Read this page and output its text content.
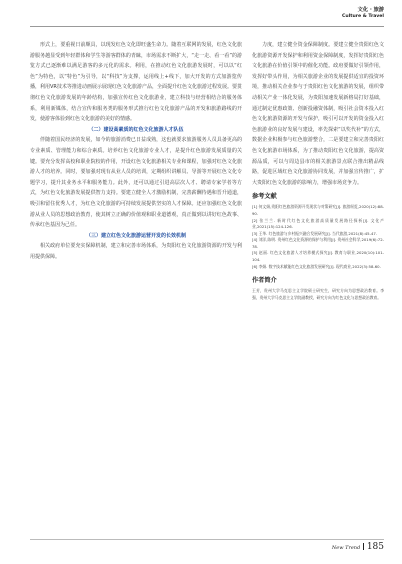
文化 · 旅游
Culture & Travel

形式上，要重视日前颇具，以现发红色文化即旺盛生命力。随着互联网的发展，红色文化旅游服务越显受到年轻群体和学生等游客群体的青睐，市场需求不断扩大，“走一走、看一看”的游览方式已逐渐难以满足游客的多元化的需求。利用，在推动红色文化旅游发展时，可以以“红色”为特色，以“特色”为引导，以“科技”为支撑，运用线上+线下，加大开发的方式加游览传播，利用VR技术等推进动画展示展现红色文化旅游产品，全面提升红色文化旅游过程发展。要贯彻红色文化旅游发展的年龄结构，加强宣传红色文化旅游业，建立科技与经营相结合的服务体系，利用新媒体，结合宣传和服务类的服务形式推行红色文化旅游产品的开发和旅游路线的开发，使游客体验到红色文化旅游的美好的情感。

（二）建设高素质的红色文化旅游人才队伍

伴随着国民经济的发展，如今的旅游消费已日益成熟，这也就要求旅游服务人员具备更高的专业素质、管理能力和综合素质。培养红色文化旅游专业人才，是提升红色旅游发展质量的关键。要充分发挥高校和职业院校的作用，开设红色文化旅游相关专业和课程，加强对红色文化旅游人才的培养。同时，要加强对现有从业人员的培训，定期组织讲解员、导游等开展红色文化专题学习，提升其业务水平和服务能力。此外，还可以通过引进高层次人才、聘请专家学者等方式，为红色文化旅游发展提供智力支持。要建立健全人才激励机制，完善薪酬待遇和晋升通道，吸引和留住优秀人才，为红色文化旅游的可持续发展提供坚实的人才保障。还应加强红色文化旅游从业人员的思想政治教育，使其树立正确的价值观和职业道德观，真正做到以讲好红色故事、传承红色基因为己任。

（三）建立红色文化旅游运营开发的长效机制

相关政府单位要充实保障机制，建立和完善市场体系，为贵阳红色文化旅游资源的开发与利用提供保障。

力度，建立健全资金保障制度。要建立健全贵阳红色文化旅游资源开发保护和利用资金保障制度，发挥好贵阳红色文化旅游在价值引领中的催化功能。政府要做好引领作用，发挥好带头作用，为相关旅游企业的发展提供适宜的投资环境，推动相关企业参与于贵阳红色文化旅游的发展，组织带动相关产业一体化发展，为贵阳加速发展新格局打好基础，通过制定优惠政策、创新投融资体制，吸引社会资本投入红色文化旅游资源的开发与保护，吸引可以开发的资金投入红色旅游业的良好发展与建设，率先探索“以奖代补”的方式，数据企业积极参与红色旅游整合，二是要建立和完善贵阳红色文化旅游市场体系，为了推动贵阳红色文化旅游，提高资源品质，可以与周边县市的相关旅游景点联合推出精品线路，促进区域红色文化旅游协同发展，并加强宣传推广，扩大贵阳红色文化旅游的影响力，增强市场竞争力。

参考文献
[1] 何文娟,贵阳红色旅游资源开发现状与对策研究[J]. 旅游纵览,2020(12):88-90.
[2] 张兰兰. 新时代红色文化旅游高质量发展路径探析[J]. 文化产业,2021(15):124-126.
[3] 王华. 红色旅游与乡村振兴融合发展研究[J]. 当代旅游,2021(8):45-47.
[4] 刘洋,陈明. 贵州红色文化资源的保护与利用[J]. 贵州社会科学,2019(6):72-78.
[5] 赵丽. 红色文化旅游人才培养模式探究[J]. 教育与职业,2020(10):101-104.
[6] 李娟. 数字技术赋能红色文化旅游发展研究[J]. 现代商业,2022(3):58-60.
作者简介

王芳，贵州大学马克思主义学院硕士研究生，研究方向为思想政治教育。李强，贵州大学马克思主义学院副教授，研究方向为红色文化与思想政治教育。

New Trend 185
